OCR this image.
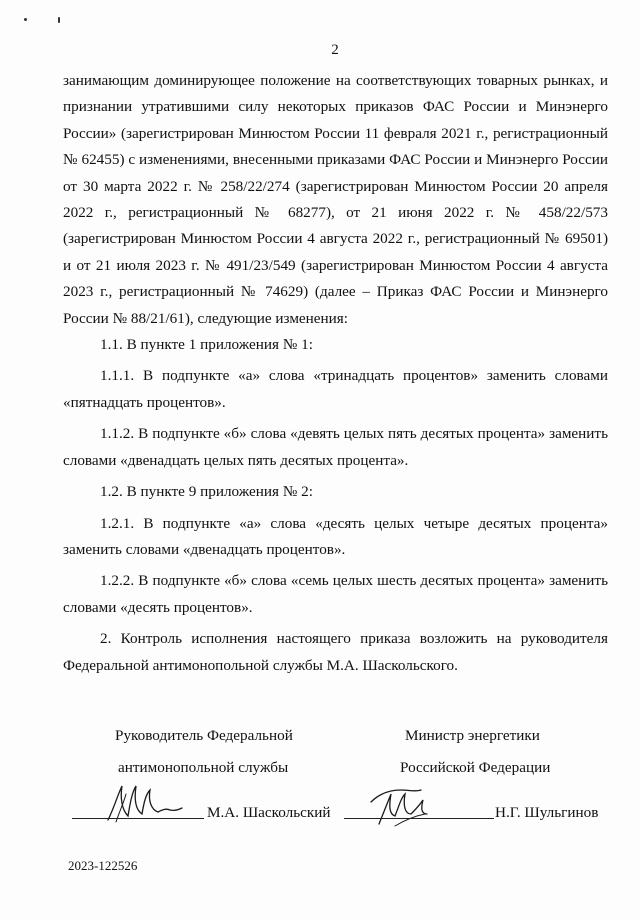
2

занимающим доминирующее положение на соответствующих товарных рынках, и признании утратившими силу некоторых приказов ФАС России и Минэнерго России» (зарегистрирован Минюстом России 11 февраля 2021 г., регистрационный № 62455) с изменениями, внесенными приказами ФАС России и Минэнерго России от 30 марта 2022 г. № 258/22/274 (зарегистрирован Минюстом России 20 апреля 2022 г., регистрационный № 68277), от 21 июня 2022 г. № 458/22/573 (зарегистрирован Минюстом России 4 августа 2022 г., регистрационный № 69501) и от 21 июля 2023 г. № 491/23/549 (зарегистрирован Минюстом России 4 августа 2023 г., регистрационный № 74629) (далее – Приказ ФАС России и Минэнерго России № 88/21/61), следующие изменения:

1.1. В пункте 1 приложения № 1:

1.1.1. В подпункте «а» слова «тринадцать процентов» заменить словами «пятнадцать процентов».

1.1.2. В подпункте «б» слова «девять целых пять десятых процента» заменить словами «двенадцать целых пять десятых процента».

1.2. В пункте 9 приложения № 2:

1.2.1. В подпункте «а» слова «десять целых четыре десятых процента» заменить словами «двенадцать процентов».

1.2.2. В подпункте «б» слова «семь целых шесть десятых процента» заменить словами «десять процентов».

2. Контроль исполнения настоящего приказа возложить на руководителя Федеральной антимонопольной службы М.А. Шаскольского.

Руководитель Федеральной
антимонопольной службы
Министр энергетики
Российской Федерации
М.А. Шаскольский	Н.Г. Шульгинов
2023-122526
